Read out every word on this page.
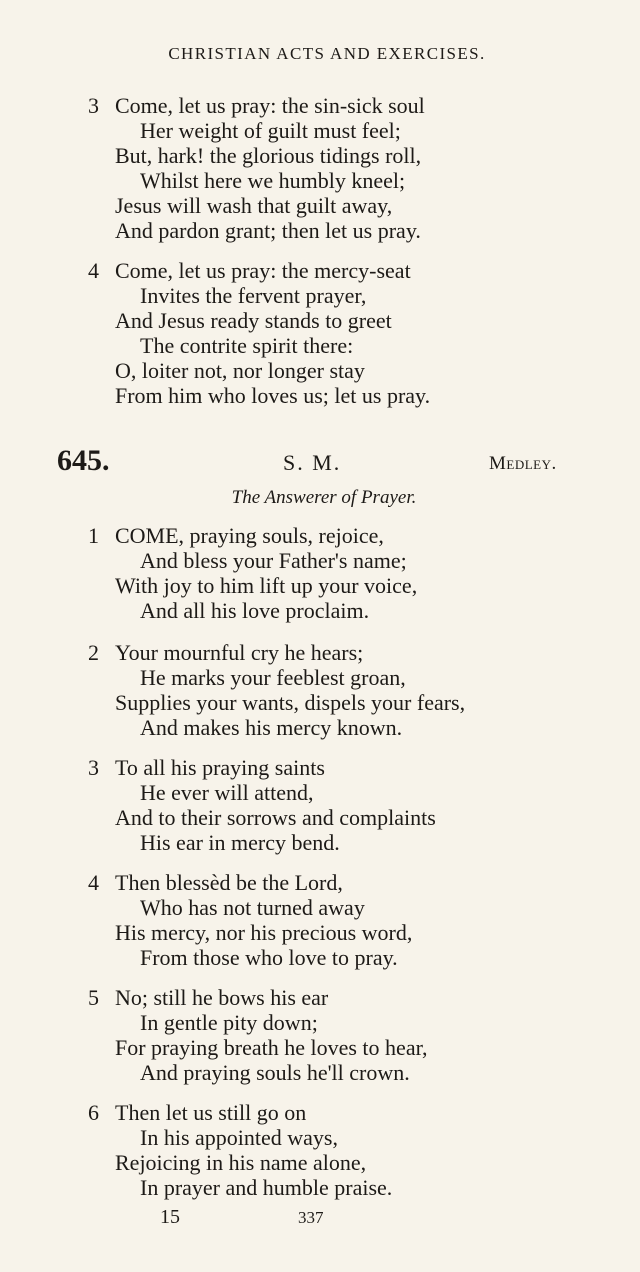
CHRISTIAN ACTS AND EXERCISES.
3 Come, let us pray: the sin-sick soul
Her weight of guilt must feel;
But, hark! the glorious tidings roll,
Whilst here we humbly kneel;
Jesus will wash that guilt away,
And pardon grant; then let us pray.
4 Come, let us pray: the mercy-seat
Invites the fervent prayer,
And Jesus ready stands to greet
The contrite spirit there:
O, loiter not, nor longer stay
From him who loves us; let us pray.
645.	S. M.	Medley.
The Answerer of Prayer.
1 COME, praying souls, rejoice,
And bless your Father's name;
With joy to him lift up your voice,
And all his love proclaim.
2 Your mournful cry he hears;
He marks your feeblest groan,
Supplies your wants, dispels your fears,
And makes his mercy known.
3 To all his praying saints
He ever will attend,
And to their sorrows and complaints
His ear in mercy bend.
4 Then blessèd be the Lord,
Who has not turned away
His mercy, nor his precious word,
From those who love to pray.
5 No; still he bows his ear
In gentle pity down;
For praying breath he loves to hear,
And praying souls he'll crown.
6 Then let us still go on
In his appointed ways,
Rejoicing in his name alone,
In prayer and humble praise.
15	337
